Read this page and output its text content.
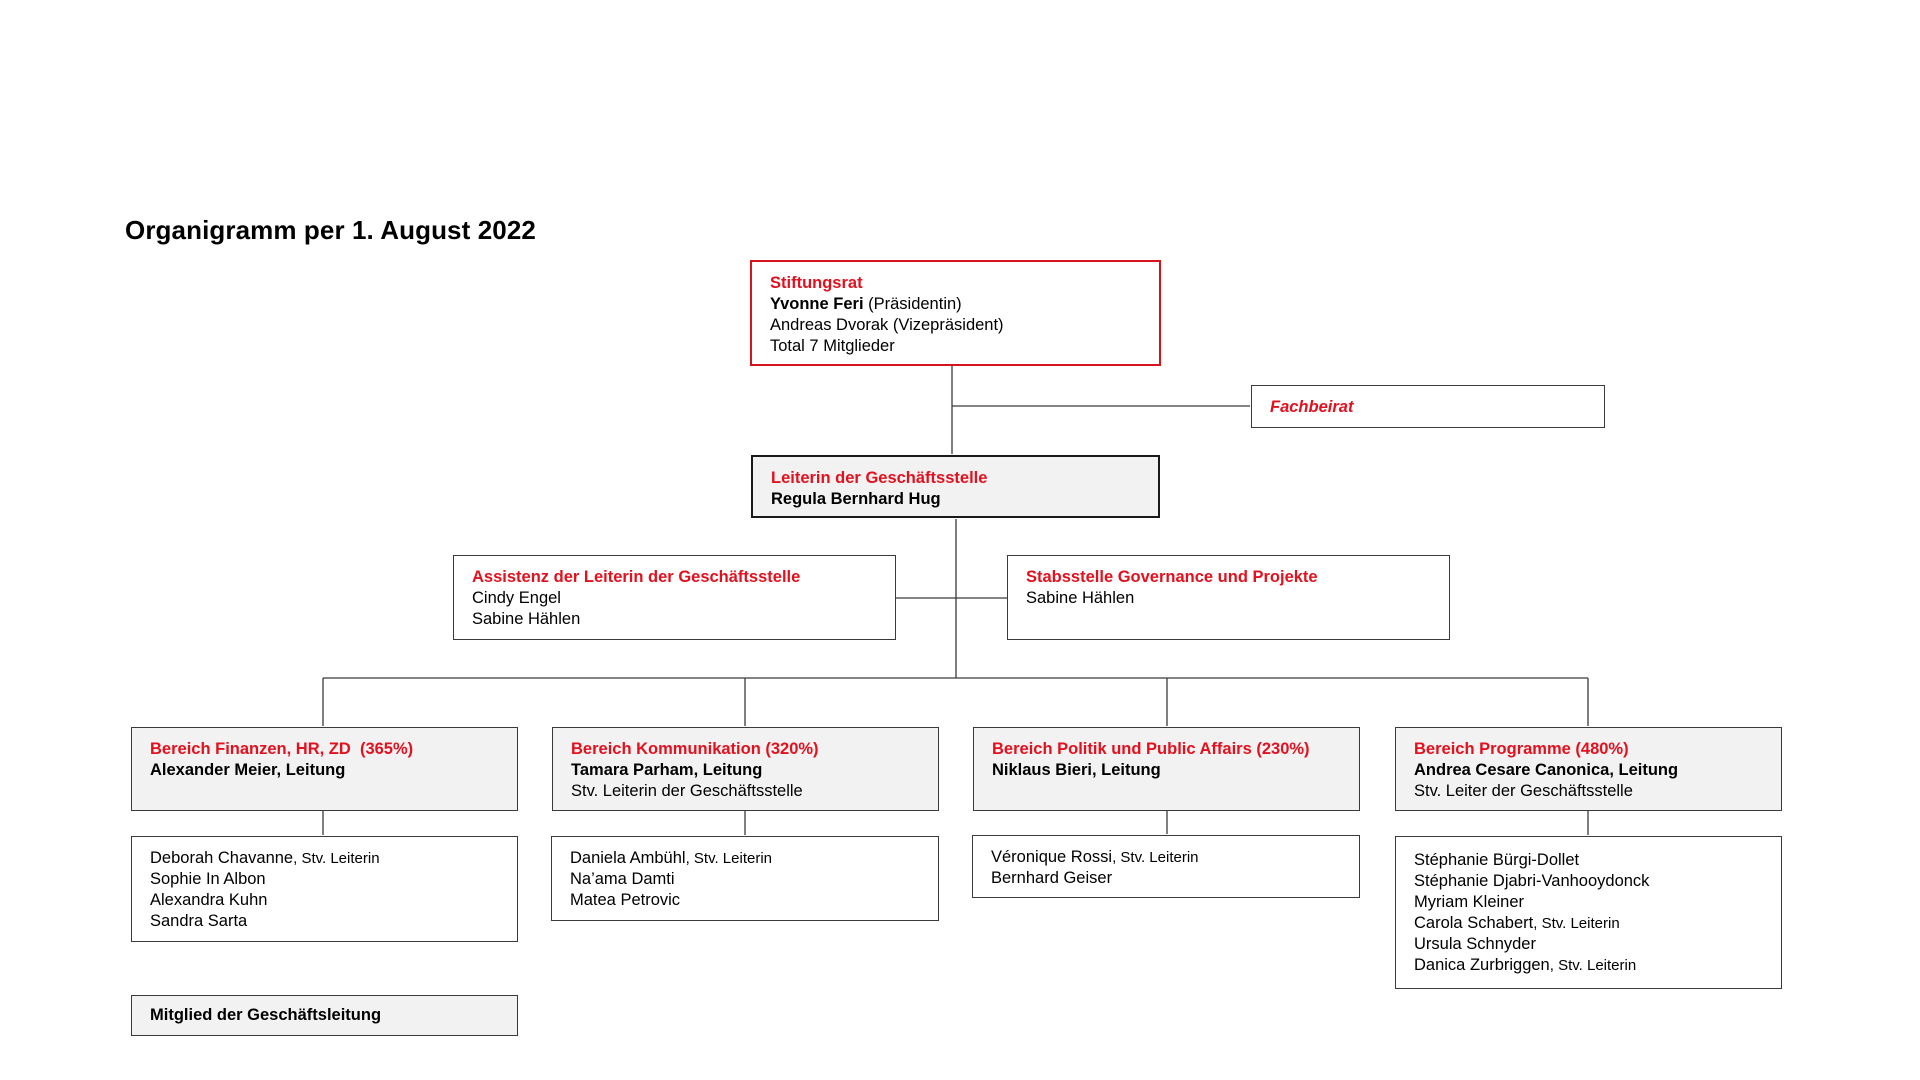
Organigramm per 1. August 2022
Stiftungsrat
Yvonne Feri (Präsidentin)
Andreas Dvorak (Vizepräsident)
Total 7 Mitglieder
Fachbeirat
Leiterin der Geschäftsstelle
Regula Bernhard Hug
Assistenz der Leiterin der Geschäftsstelle
Cindy Engel
Sabine Hählen
Stabsstelle Governance und Projekte
Sabine Hählen
Bereich Finanzen, HR, ZD  (365%)
Alexander Meier, Leitung
Deborah Chavanne, Stv. Leiterin
Sophie In Albon
Alexandra Kuhn
Sandra Sarta
Bereich Kommunikation (320%)
Tamara Parham, Leitung
Stv. Leiterin der Geschäftsstelle
Daniela Ambühl, Stv. Leiterin
Na’ama Damti
Matea Petrovic
Bereich Politik und Public Affairs (230%)
Niklaus Bieri, Leitung
Véronique Rossi, Stv. Leiterin
Bernhard Geiser
Bereich Programme (480%)
Andrea Cesare Canonica, Leitung
Stv. Leiter der Geschäftsstelle
Stéphanie Bürgi-Dollet
Stéphanie Djabri-Vanhooydonck
Myriam Kleiner
Carola Schabert, Stv. Leiterin
Ursula Schnyder
Danica Zurbriggen, Stv. Leiterin
Mitglied der Geschäftsleitung
